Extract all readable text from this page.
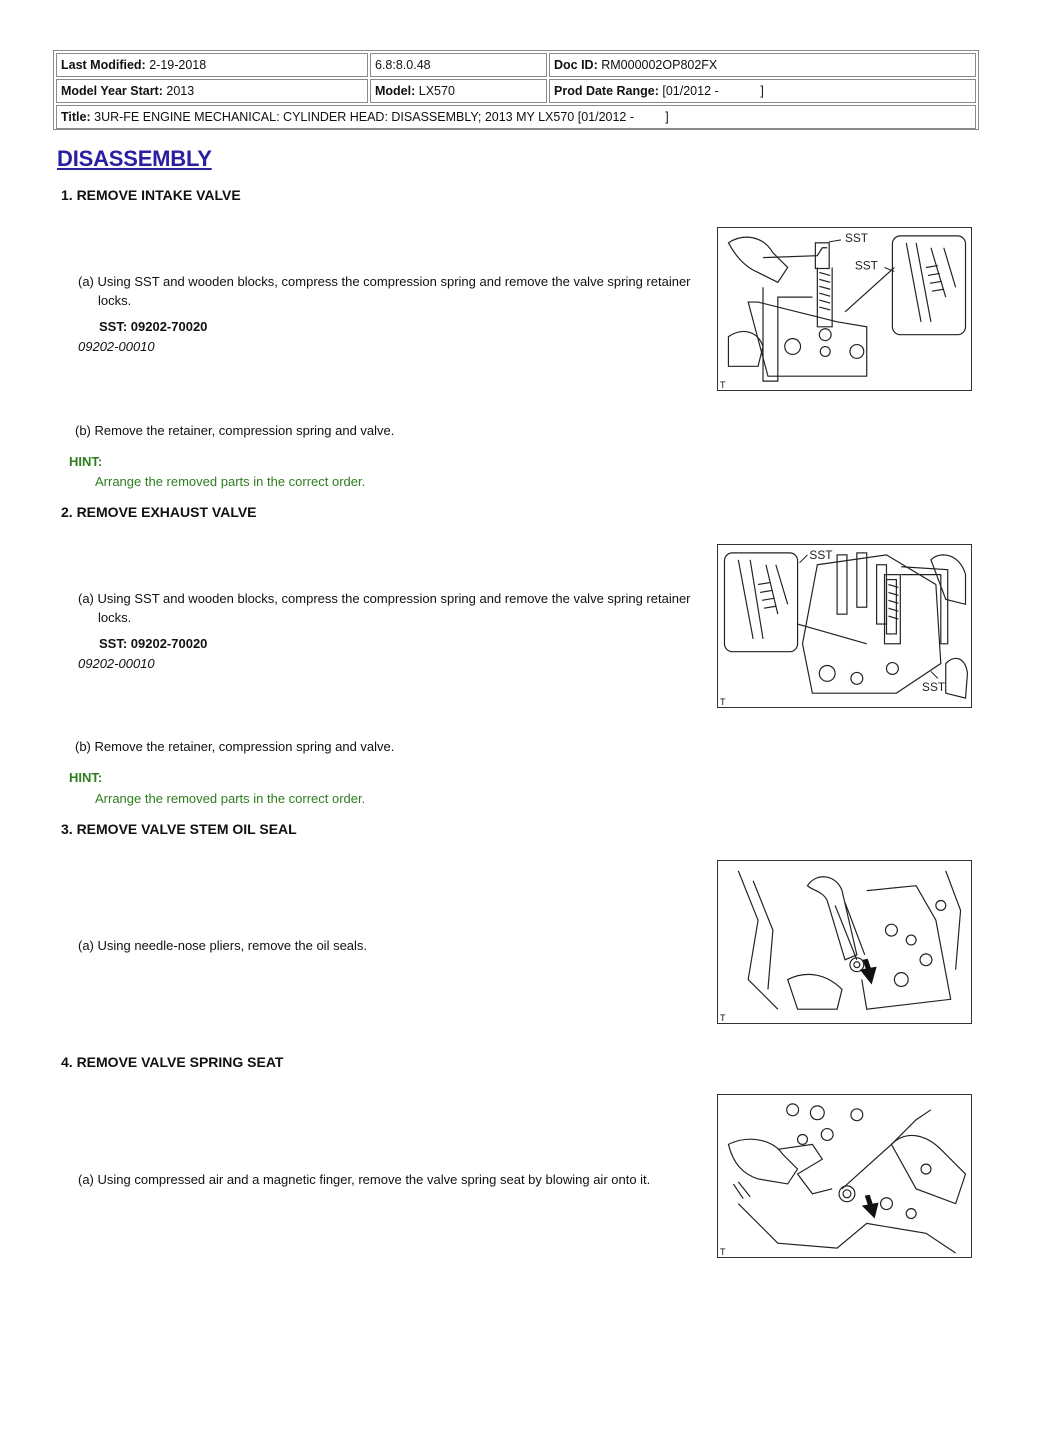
Last Modified: 2-19-2018	6.8:8.0.48	Doc ID: RM000002OP802FX
Model Year Start: 2013	Model: LX570	Prod Date Range: [01/2012 -            ]
Title: 3UR-FE ENGINE MECHANICAL: CYLINDER HEAD: DISASSEMBLY; 2013 MY LX570 [01/2012 -         ]
DISASSEMBLY
1. REMOVE INTAKE VALVE

(a) Using SST and wooden blocks, compress the compression spring and remove the valve spring retainer
locks.

SST: 09202-70020
09202-00010

(b) Remove the retainer, compression spring and valve.

HINT:
Arrange the removed parts in the correct order.
SST
SST
T
2. REMOVE EXHAUST VALVE

(a) Using SST and wooden blocks, compress the compression spring and remove the valve spring retainer
locks.

SST: 09202-70020
09202-00010

(b) Remove the retainer, compression spring and valve.

HINT:
Arrange the removed parts in the correct order.
SST
SST
T
3. REMOVE VALVE STEM OIL SEAL

(a) Using needle-nose pliers, remove the oil seals.

T
4. REMOVE VALVE SPRING SEAT

(a) Using compressed air and a magnetic finger, remove the valve spring seat by blowing air onto it.

T
